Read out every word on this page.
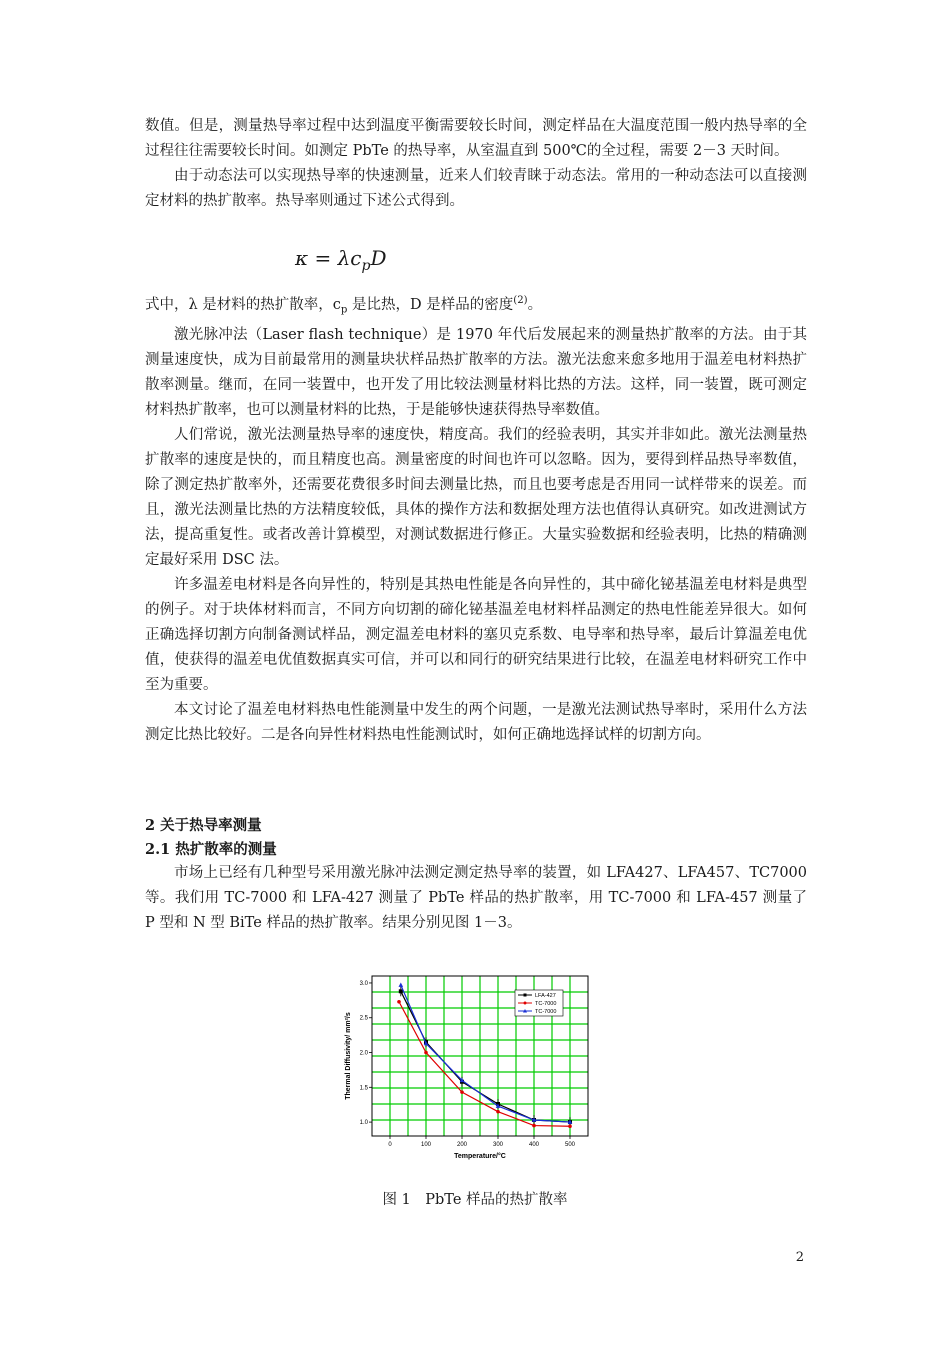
数值。但是，测量热导率过程中达到温度平衡需要较长时间，测定样品在大温度范围一般内热导率的全过程往往需要较长时间。如测定 PbTe 的热导率，从室温直到 500℃的全过程，需要 2－3 天时间。

由于动态法可以实现热导率的快速测量，近来人们较青睐于动态法。常用的一种动态法可以直接测定材料的热扩散率。热导率则通过下述公式得到。

$\kappa = \lambda c_pD$

式中，λ 是材料的热扩散率，$c_p$ 是比热，D 是样品的密度$^{(2)}$。

激光脉冲法（Laser flash technique）是 1970 年代后发展起来的测量热扩散率的方法。由于其测量速度快，成为目前最常用的测量块状样品热扩散率的方法。激光法愈来愈多地用于温差电材料热扩散率测量。继而，在同一装置中，也开发了用比较法测量材料比热的方法。这样，同一装置，既可测定材料热扩散率，也可以测量材料的比热，于是能够快速获得热导率数值。

人们常说，激光法测量热导率的速度快，精度高。我们的经验表明，其实并非如此。激光法测量热扩散率的速度是快的，而且精度也高。测量密度的时间也许可以忽略。因为，要得到样品热导率数值，除了测定热扩散率外，还需要花费很多时间去测量比热，而且也要考虑是否用同一试样带来的误差。而且，激光法测量比热的方法精度较低，具体的操作方法和数据处理方法也值得认真研究。如改进测试方法，提高重复性。或者改善计算模型，对测试数据进行修正。大量实验数据和经验表明，比热的精确测定最好采用 DSC 法。

许多温差电材料是各向异性的，特别是其热电性能是各向异性的，其中碲化铋基温差电材料是典型的例子。对于块体材料而言，不同方向切割的碲化铋基温差电材料样品测定的热电性能差异很大。如何正确选择切割方向制备测试样品，测定温差电材料的塞贝克系数、电导率和热导率，最后计算温差电优值，使获得的温差电优值数据真实可信，并可以和同行的研究结果进行比较，在温差电材料研究工作中至为重要。

本文讨论了温差电材料热电性能测量中发生的两个问题，一是激光法测试热导率时，采用什么方法测定比热比较好。二是各向异性材料热电性能测试时，如何正确地选择试样的切割方向。

2 关于热导率测量
2.1 热扩散率的测量

市场上已经有几种型号采用激光脉冲法测定测定热导率的装置，如 LFA427、LFA457、TC7000 等。我们用 TC-7000 和 LFA-427 测量了 PbTe 样品的热扩散率，用 TC-7000 和 LFA-457 测量了 P 型和 N 型 BiTe 样品的热扩散率。结果分别见图 1－3。

0	100	200	300	400	500
1.0
1.5
2.0
2.5
3.0
Temperature/°C
Thermal Diffusivity/ mm²/s
LFA-427
TC-7000
TC-7000
图 1　PbTe 样品的热扩散率
2
